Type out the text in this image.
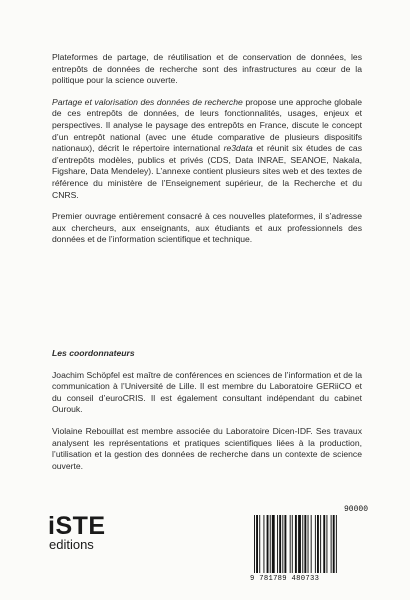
Plateformes de partage, de réutilisation et de conservation de données, les entrepôts de données de recherche sont des infrastructures au cœur de la politique pour la science ouverte.

Partage et valorisation des données de recherche propose une approche globale de ces entrepôts de données, de leurs fonctionnalités, usages, enjeux et perspectives. Il analyse le paysage des entrepôts en France, discute le concept d’un entrepôt national (avec une étude comparative de plusieurs dispositifs nationaux), décrit le répertoire international re3data et réunit six études de cas d’entrepôts modèles, publics et privés (CDS, Data INRAE, SEANOE, Nakala, Figshare, Data Mendeley). L’annexe contient plusieurs sites web et des textes de référence du ministère de l’Enseignement supérieur, de la Recherche et du CNRS.

Premier ouvrage entièrement consacré à ces nouvelles plateformes, il s’adresse aux chercheurs, aux enseignants, aux étudiants et aux professionnels des données et de l’information scientifique et technique.

Les coordonnateurs

Joachim Schöpfel est maître de conférences en sciences de l’information et de la communication à l’Université de Lille. Il est membre du Laboratoire GERiiCO et du conseil d’euroCRIS. Il est également consultant indépendant du cabinet Ourouk.

Violaine Rebouillat est membre associée du Laboratoire Dicen-IDF. Ses travaux analysent les représentations et pratiques scientifiques liées à la production, l’utilisation et la gestion des données de recherche dans un contexte de science ouverte.

iSTE
editions
90000
9 781789 480733
